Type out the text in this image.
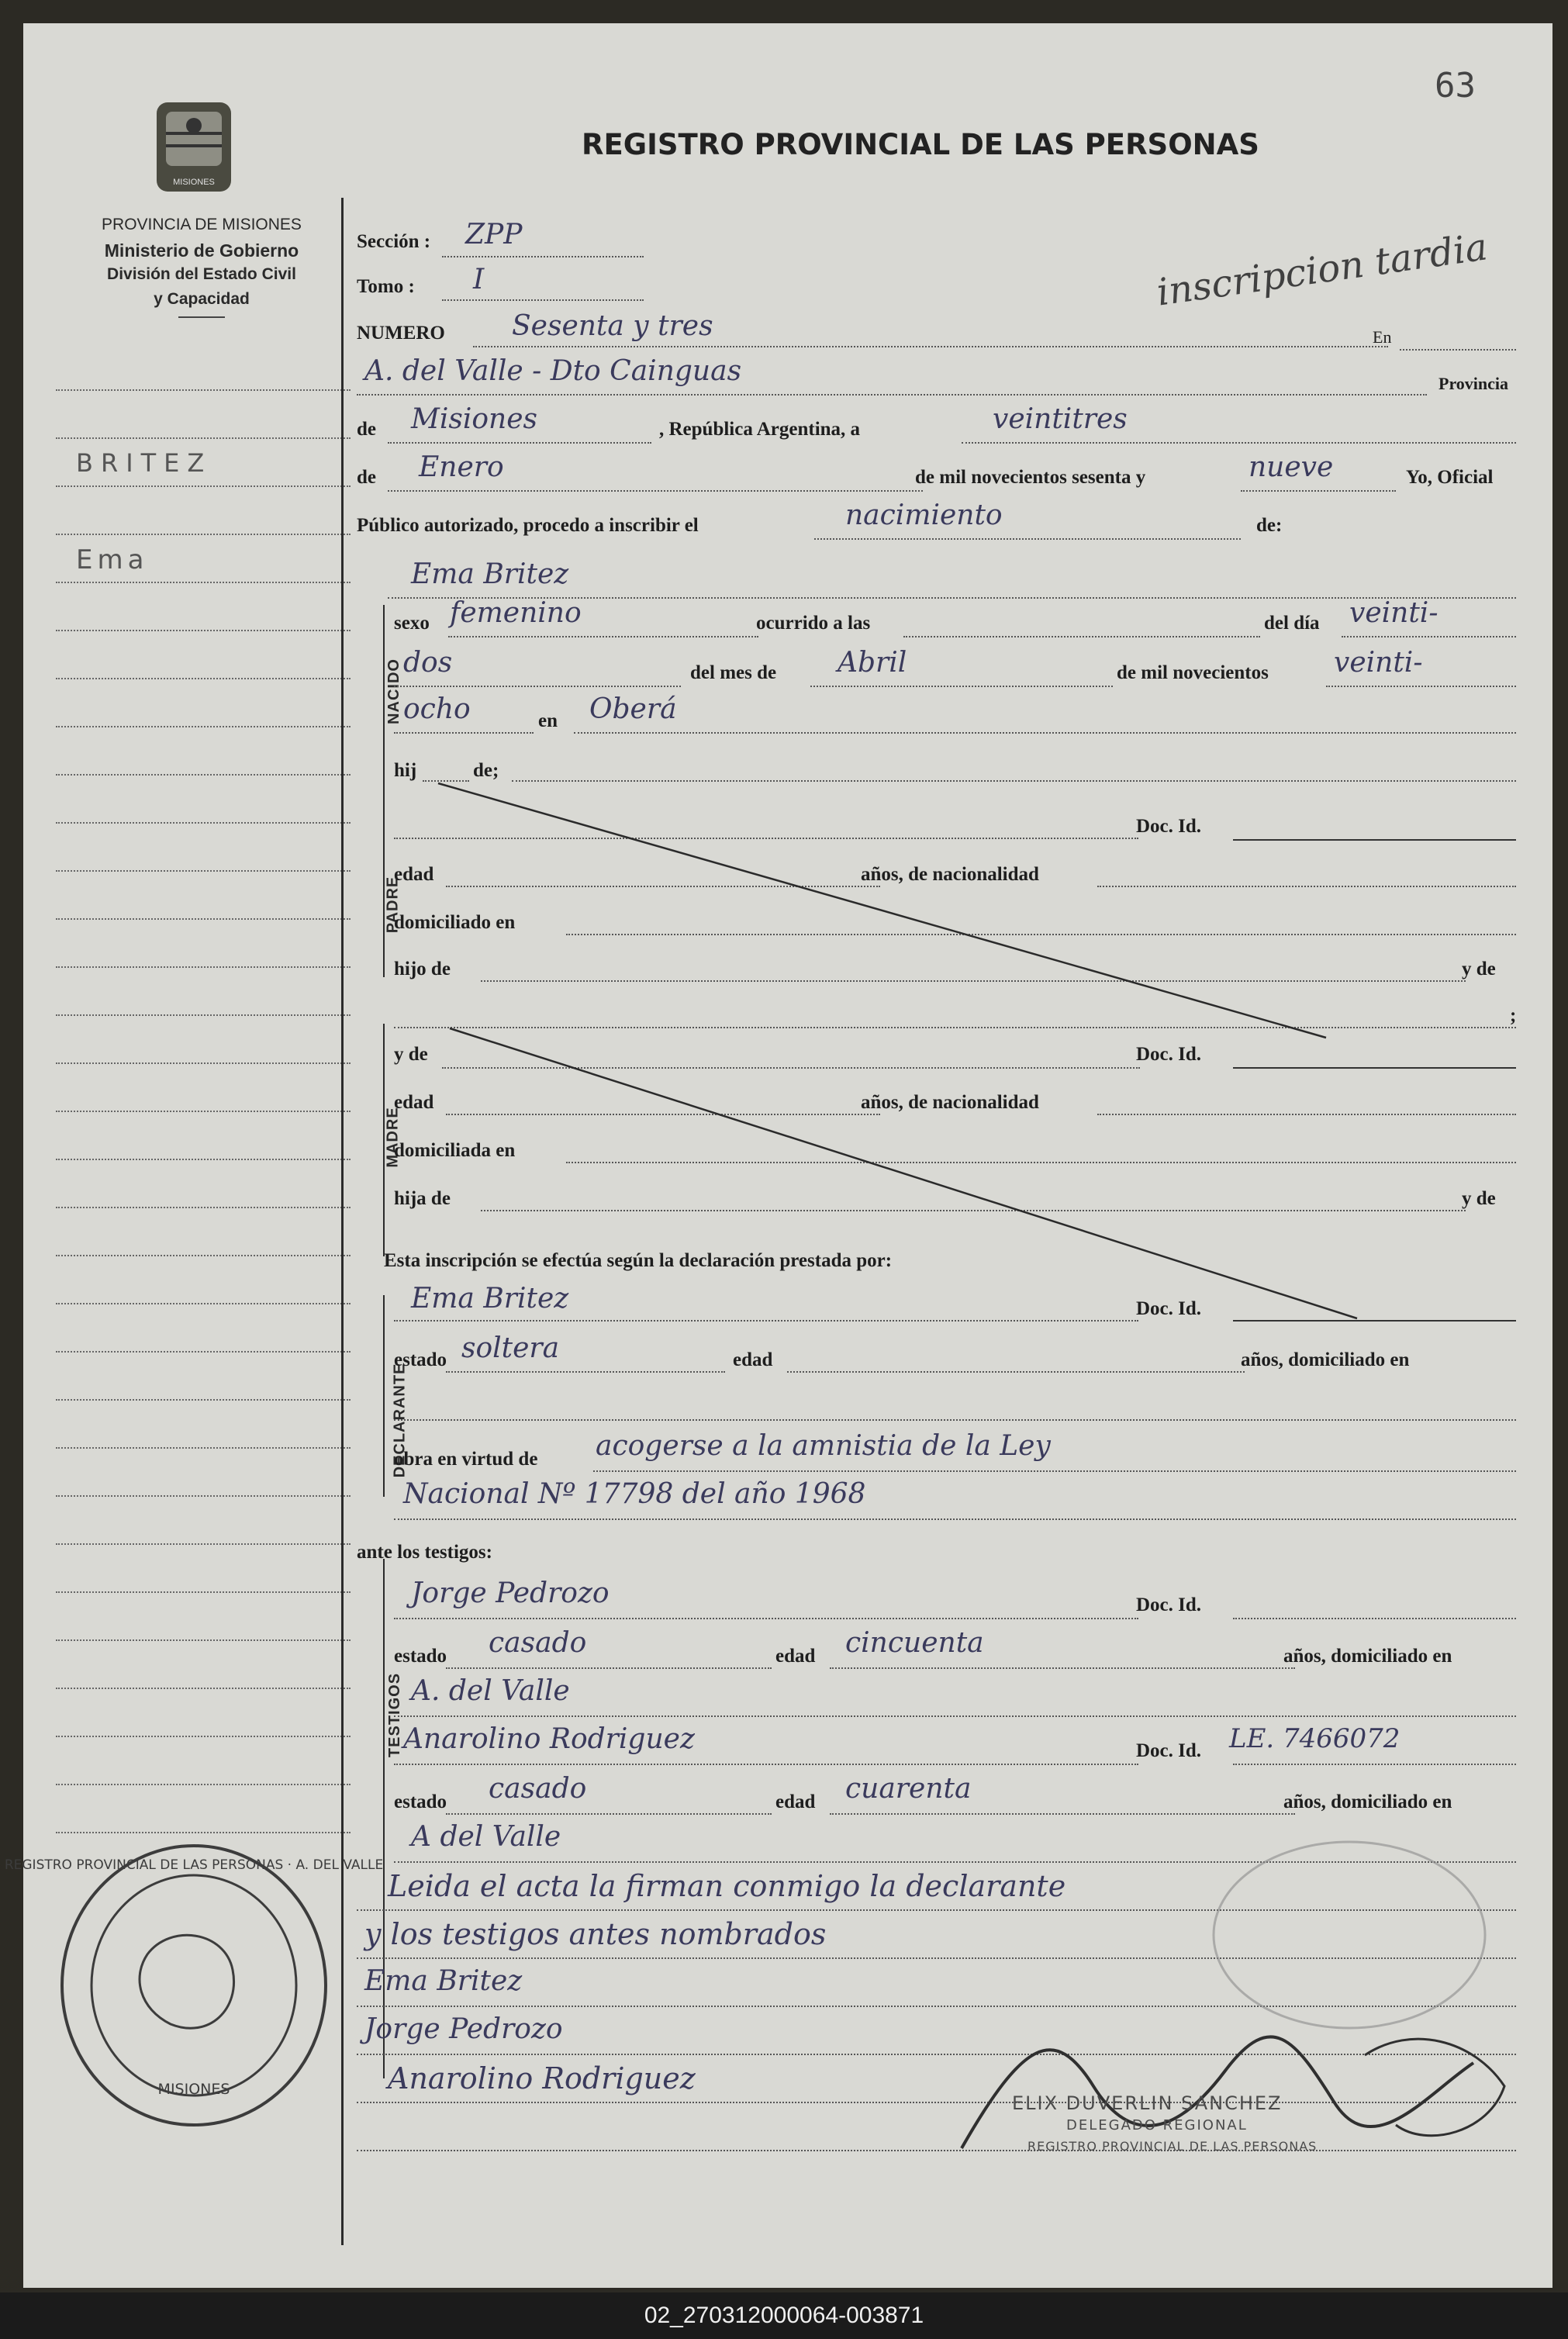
MISIONES
PROVINCIA DE MISIONES
Ministerio de Gobierno
División del Estado Civil
y Capacidad
63
REGISTRO PROVINCIAL DE LAS PERSONAS
BRITEZ
Ema
NACIDO
PADRE
MADRE
DECLARANTE
TESTIGOS
Sección : ZPP
Tomo : I	inscripcion tardia
NUMERO Sesenta y tres	En
A. del Valle - Dto Cainguas	Provincia
de Misiones	, República Argentina, a	veintitres
de Enero	de mil novecientos sesenta y	nueve	Yo, Oficial
Público autorizado, procedo a inscribir el	nacimiento	de:
Ema Britez
sexo femenino	ocurrido a las	del día veinti-
dos	del mes de Abril	de mil novecientos veinti-
ocho	en Oberá
hij	de;
Doc. Id.
edad	años, de nacionalidad
domiciliado en
hijo de	y de
;
y de	Doc. Id.
edad	años, de nacionalidad
domiciliada en
hija de	y de
Esta inscripción se efectúa según la declaración prestada por:
Ema Britez	Doc. Id.
estado soltera	edad	años, domiciliado en
obra en virtud de acogerse a la amnistia de la Ley
Nacional Nº 17798 del año 1968
ante los testigos:
Jorge Pedrozo	Doc. Id.
estado casado	edad cincuenta	años, domiciliado en
A. del Valle
Anarolino Rodriguez	Doc. Id. LE. 7466072
estado casado	edad cuarenta	años, domiciliado en
A del Valle
Leida el acta la firman conmigo la declarante
y los testigos antes nombrados
Ema Britez
Jorge Pedrozo
Anarolino Rodriguez
ELIX DUVERLIN SANCHEZ
DELEGADO REGIONAL
REGISTRO PROVINCIAL DE LAS PERSONAS
REGISTRO PROVINCIAL DE LAS PERSONAS · A. DEL VALLE
MISIONES
02_270312000064-003871
